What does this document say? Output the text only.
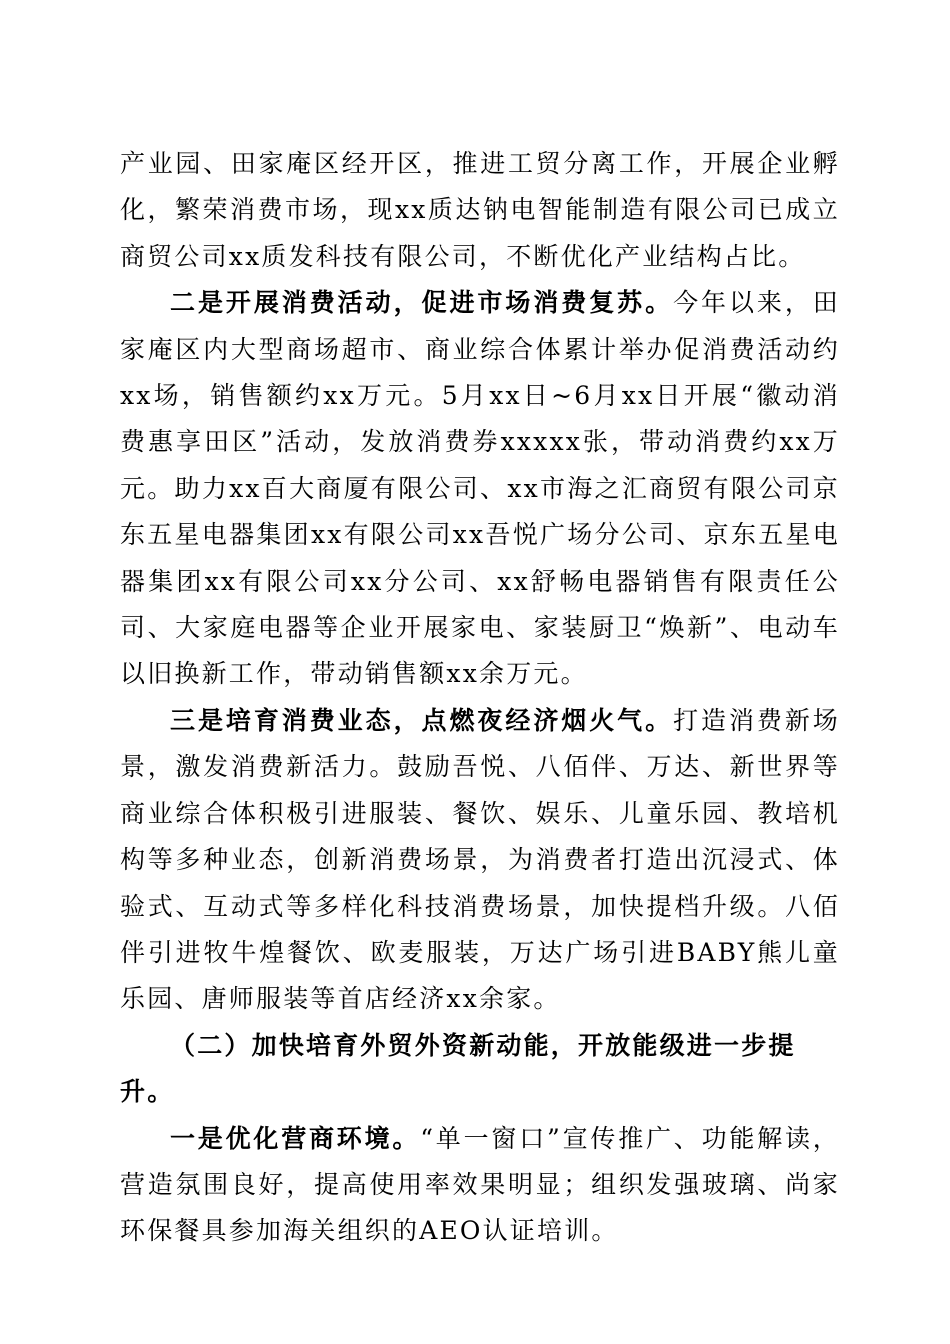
产业园、田家庵区经开区，推进工贸分离工作，开展企业孵化，繁荣消费市场，现xx质达钠电智能制造有限公司已成立商贸公司xx质发科技有限公司，不断优化产业结构占比。

二是开展消费活动，促进市场消费复苏。今年以来，田家庵区内大型商场超市、商业综合体累计举办促消费活动约xx场，销售额约xx万元。5月xx日~6月xx日开展“徽动消费惠享田区”活动，发放消费券xxxxx张，带动消费约xx万元。助力xx百大商厦有限公司、xx市海之汇商贸有限公司京东五星电器集团xx有限公司xx吾悦广场分公司、京东五星电器集团xx有限公司xx分公司、xx舒畅电器销售有限责任公司、大家庭电器等企业开展家电、家装厨卫“焕新”、电动车以旧换新工作，带动销售额xx余万元。

三是培育消费业态，点燃夜经济烟火气。打造消费新场景，激发消费新活力。鼓励吾悦、八佰伴、万达、新世界等商业综合体积极引进服装、餐饮、娱乐、儿童乐园、教培机构等多种业态，创新消费场景，为消费者打造出沉浸式、体验式、互动式等多样化科技消费场景，加快提档升级。八佰伴引进牧牛煌餐饮、欧麦服装，万达广场引进BABY熊儿童乐园、唐师服装等首店经济xx余家。

（二）加快培育外贸外资新动能，开放能级进一步提升。

一是优化营商环境。“单一窗口”宣传推广、功能解读，营造氛围良好，提高使用率效果明显；组织发强玻璃、尚家环保餐具参加海关组织的AEO认证培训。
